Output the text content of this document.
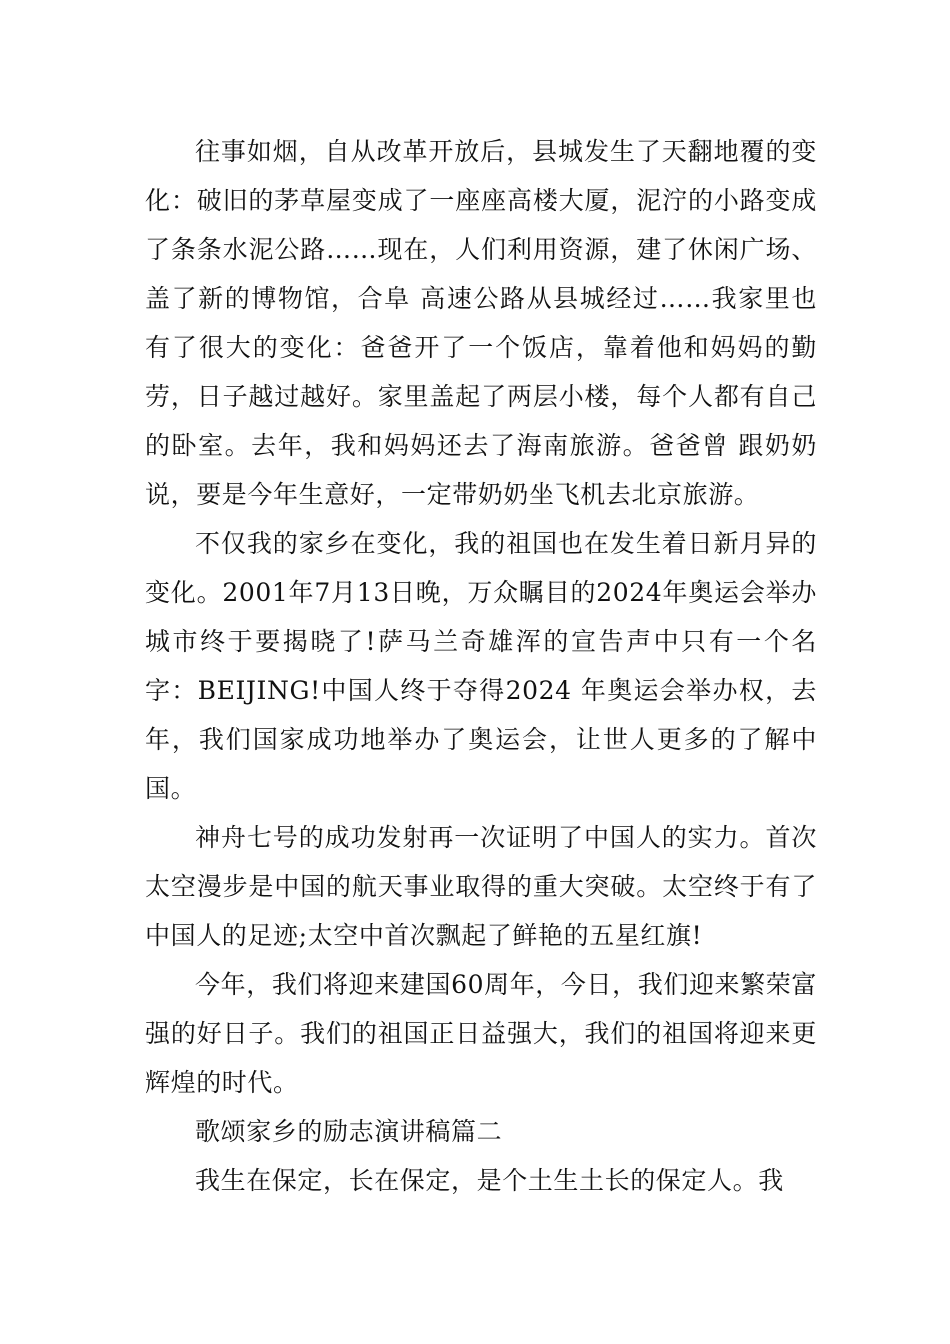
往事如烟，自从改革开放后，县城发生了天翻地覆的变化：破旧的茅草屋变成了一座座高楼大厦，泥泞的小路变成了条条水泥公路……现在，人们利用资源，建了休闲广场、盖了新的博物馆，合阜 高速公路从县城经过……我家里也有了很大的变化：爸爸开了一个饭店，靠着他和妈妈的勤劳，日子越过越好。家里盖起了两层小楼，每个人都有自己的卧室。去年，我和妈妈还去了海南旅游。爸爸曾 跟奶奶说，要是今年生意好，一定带奶奶坐飞机去北京旅游。

不仅我的家乡在变化，我的祖国也在发生着日新月异的变化。2001年7月13日晚，万众瞩目的2024年奥运会举办城市终于要揭晓了!萨马兰奇雄浑的宣告声中只有一个名字：BEIJING!中国人终于夺得2024 年奥运会举办权，去年，我们国家成功地举办了奥运会，让世人更多的了解中国。

神舟七号的成功发射再一次证明了中国人的实力。首次太空漫步是中国的航天事业取得的重大突破。太空终于有了中国人的足迹;太空中首次飘起了鲜艳的五星红旗!

今年，我们将迎来建国60周年，今日，我们迎来繁荣富强的好日子。我们的祖国正日益强大，我们的祖国将迎来更辉煌的时代。

歌颂家乡的励志演讲稿篇二

我生在保定，长在保定，是个土生土长的保定人。我
